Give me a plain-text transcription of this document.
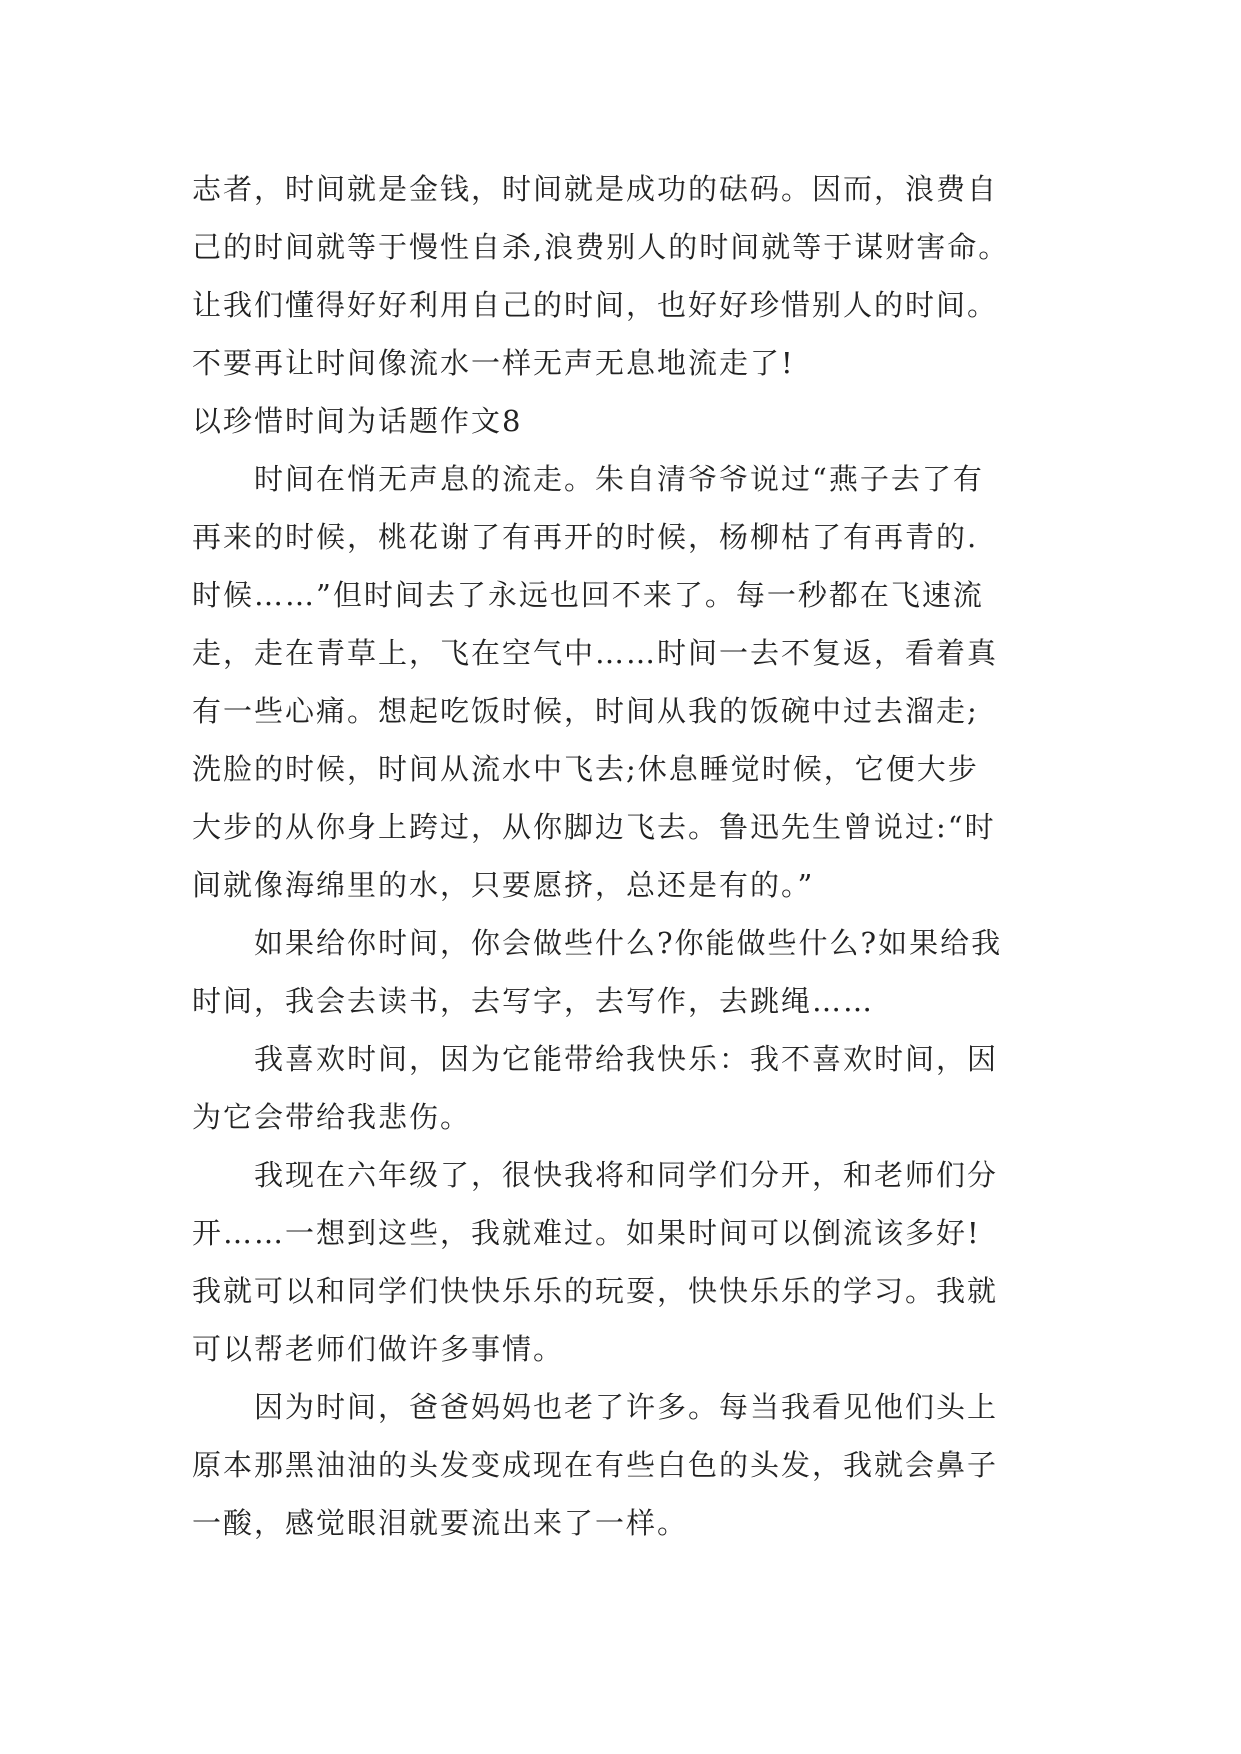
志者，时间就是金钱，时间就是成功的砝码。因而，浪费自
己的时间就等于慢性自杀,浪费别人的时间就等于谋财害命。
让我们懂得好好利用自己的时间，也好好珍惜别人的时间。
不要再让时间像流水一样无声无息地流走了!
以珍惜时间为话题作文8
时间在悄无声息的流走。朱自清爷爷说过“燕子去了有
再来的时候，桃花谢了有再开的时候，杨柳枯了有再青的.
时候……”但时间去了永远也回不来了。每一秒都在飞速流
走，走在青草上，飞在空气中……时间一去不复返，看着真
有一些心痛。想起吃饭时候，时间从我的饭碗中过去溜走;
洗脸的时候，时间从流水中飞去;休息睡觉时候，它便大步
大步的从你身上跨过，从你脚边飞去。鲁迅先生曾说过:“时
间就像海绵里的水，只要愿挤，总还是有的。”
如果给你时间，你会做些什么?你能做些什么?如果给我
时间，我会去读书，去写字，去写作，去跳绳……
我喜欢时间，因为它能带给我快乐：我不喜欢时间，因
为它会带给我悲伤。
我现在六年级了，很快我将和同学们分开，和老师们分
开……一想到这些，我就难过。如果时间可以倒流该多好!
我就可以和同学们快快乐乐的玩耍，快快乐乐的学习。我就
可以帮老师们做许多事情。
因为时间，爸爸妈妈也老了许多。每当我看见他们头上
原本那黑油油的头发变成现在有些白色的头发，我就会鼻子
一酸，感觉眼泪就要流出来了一样。
